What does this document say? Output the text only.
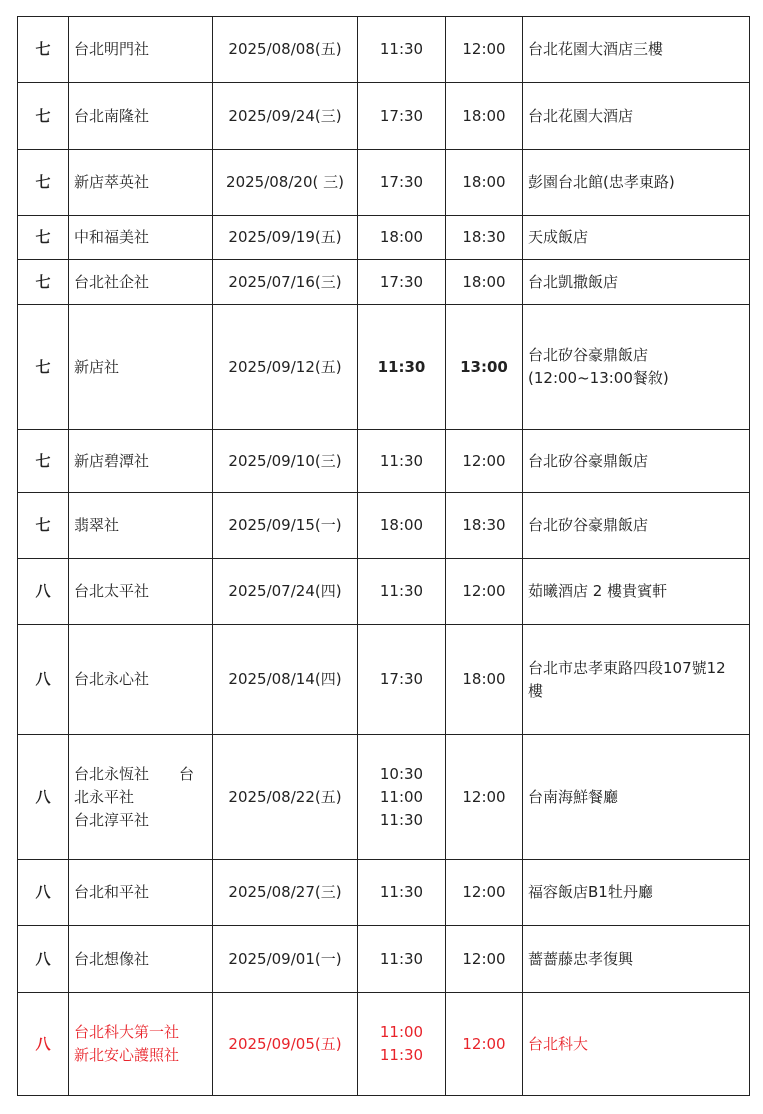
七	台北明門社	2025/08/08(五)	11:30	12:00	台北花園大酒店三樓

七	台北南隆社	2025/09/24(三)	17:30	18:00	台北花園大酒店

七	新店萃英社	2025/08/20( 三)	17:30	18:00	彭園台北館(忠孝東路)

七	中和福美社	2025/09/19(五)	18:00	18:30	天成飯店

七	台北社企社	2025/07/16(三)	17:30	18:00	台北凱撒飯店

七	新店社	2025/09/12(五)	11:30	13:00	台北矽谷豪鼎飯店
(12:00~13:00餐敘)

七	新店碧潭社	2025/09/10(三)	11:30	12:00	台北矽谷豪鼎飯店

七	翡翠社	2025/09/15(一)	18:00	18:30	台北矽谷豪鼎飯店

八	台北太平社	2025/07/24(四)	11:30	12:00	茹曦酒店 2 樓貴賓軒

八	台北永心社	2025/08/14(四)	17:30	18:00	台北市忠孝東路四段107號12
樓

八	台北永恆社　　台
北永平社
台北淳平社	2025/08/22(五)	10:30
11:00
11:30	12:00	台南海鮮餐廳

八	台北和平社	2025/08/27(三)	11:30	12:00	福容飯店B1牡丹廳

八	台北想像社	2025/09/01(一)	11:30	12:00	薔薔藤忠孝復興

八	台北科大第一社
新北安心護照社	2025/09/05(五)	11:00
11:30	12:00	台北科大
